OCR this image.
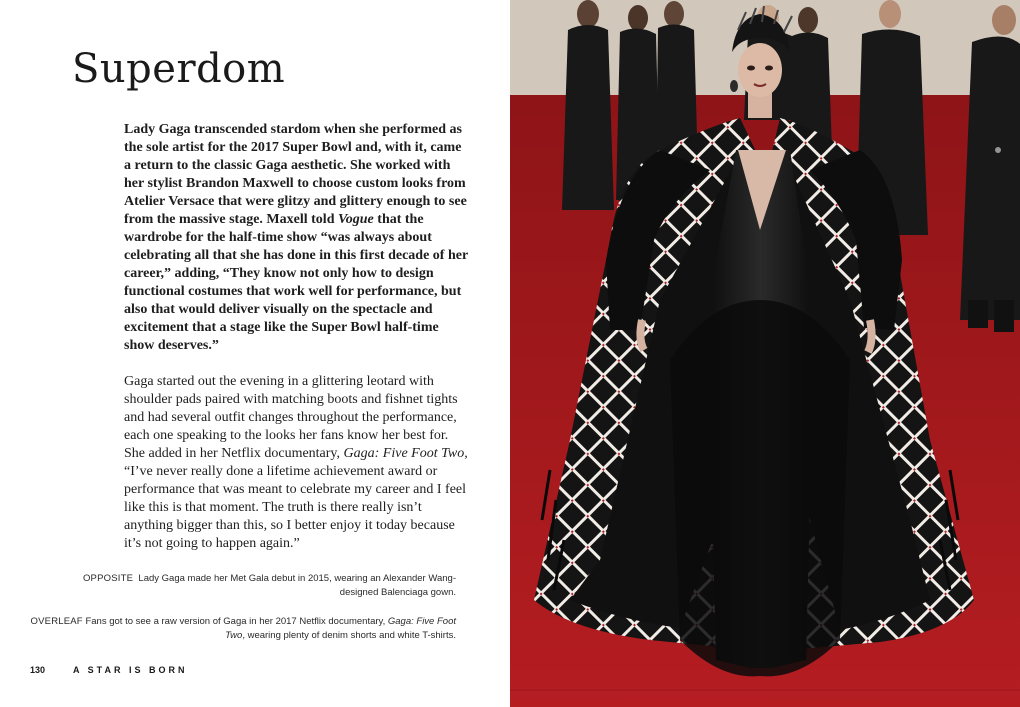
Superdom

Lady Gaga transcended stardom when she performed as the sole artist for the 2017 Super Bowl and, with it, came a return to the classic Gaga aesthetic. She worked with her stylist Brandon Maxwell to choose custom looks from Atelier Versace that were glitzy and glittery enough to see from the massive stage. Maxell told Vogue that the wardrobe for the half-time show “was always about celebrating all that she has done in this first decade of her career,” adding, “They know not only how to design functional costumes that work well for performance, but also that would deliver visually on the spectacle and excitement that a stage like the Super Bowl half-time show deserves.”

Gaga started out the evening in a glittering leotard with shoulder pads paired with matching boots and fishnet tights and had several outfit changes throughout the performance, each one speaking to the looks her fans know her best for. She added in her Netflix documentary, Gaga: Five Foot Two, “I’ve never really done a lifetime achievement award or performance that was meant to celebrate my career and I feel like this is that moment. The truth is there really isn’t anything bigger than this, so I better enjoy it today because it’s not going to happen again.”

OPPOSITE Lady Gaga made her Met Gala debut in 2015, wearing an Alexander Wang-designed Balenciaga gown.

OVERLEAF Fans got to see a raw version of Gaga in her 2017 Netflix documentary, Gaga: Five Foot Two, wearing plenty of denim shorts and white T-shirts.

130	A STAR IS BORN
